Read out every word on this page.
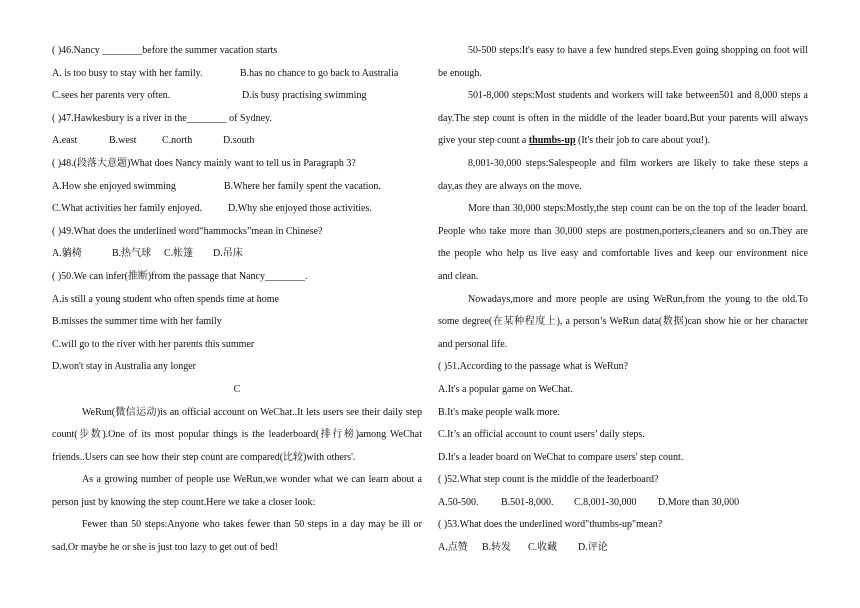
( )46.Nancy ________before the summer vacation starts
A. is too busy to stay with her family.	B.has no chance to go back to Australia
C.sees her parents very often.	D.is busy practising swimming
( )47.Hawkesbury is a river in the________ of Sydney.
A.east	B.west	C.north	D.south
( )48.(段落大意题)What does Nancy mainly want to tell us in Paragraph 3?
A.How she enjoyed swimming	B.Where her family spent the vacation.
C.What activities her family enjoyed.	D.Why she enjoyed those activities.
( )49.What does the underlined word“hammocks”mean in Chinese?
A.躺椅	B.热气球	C.帐篷	D.吊床
( )50.We can infer(推断)from the passage that Nancy________.
A.is still a young student who often spends time at home
B.misses the summer time with her family
C.will go to the river with her parents this summer
D.won't stay in Australia any longer
C
WeRun(微信运动)is an official account on WeChat..It lets users see their daily step
count(步数).One of its most popular things is the leaderboard(排行榜)among WeChat
friends..Users can see how their step count are compared(比较)with others'.
As a growing number of people use WeRun,we wonder what we can learn about a
person just by knowing the step count.Here we take a closer look:
Fewer than 50 steps:Anyone who takes fewer than 50 steps in a day may be ill or
sad.Or maybe he or she is just too lazy to get out of bed!
50-500 steps:It's easy to have a few hundred steps.Even going shopping on foot will
be enough.
501-8,000 steps:Most students and workers will take between501 and 8,000 steps a
day.The step count is often in the middle of the leader board.But your parents will always
give your step count a thumbs-up (It's their job to care about you!).
8,001-30,000 steps:Salespeople and film workers are likely to take these steps a
day,as they are always on the move.
More than 30,000 steps:Mostly,the step count can be on the top of the leader board.
People who take more than 30,000 steps are postmen,porters,cleaners and so on.They are
the people who help us live easy and comfortable lives and keep our environment nice
and clean.
Nowadays,more and more people are using WeRun,from the young to the old.To
some degree(在某种程度上), a person’s WeRun data(数据)can show hie or her character
and personal life.
( )51.According to the passage what is WeRun?
A.It's a popular game on WeChat.
B.It's make people walk more.
C.It’s an official account to count users’ daily steps.
D.It's a leader board on WeChat to compare users' step count.
( )52.What step count is the middle of the leaderboard?
A.50-500.	B.501-8,000.	C.8,001-30,000	D.More than 30,000
( )53.What does the underlined word"thumbs-up"mean?
A.点赞	B.转发	C.收藏	D.评论
